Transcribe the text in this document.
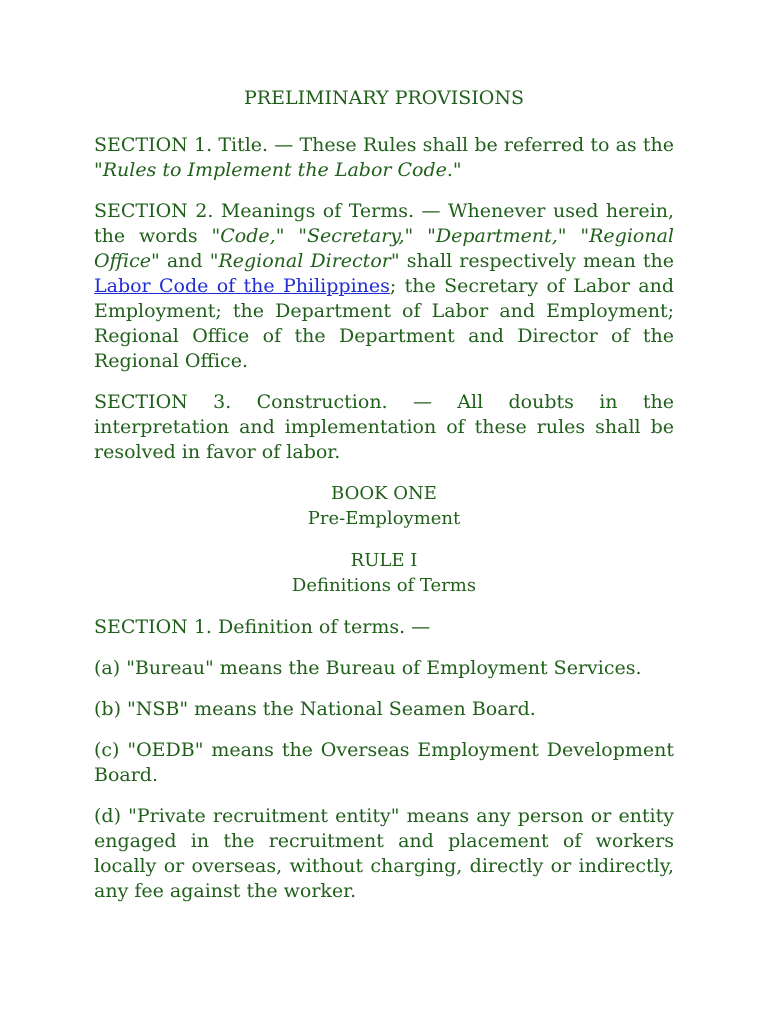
PRELIMINARY PROVISIONS

SECTION 1. Title. — These Rules shall be referred to as the "Rules to Implement the Labor Code."

SECTION 2. Meanings of Terms. — Whenever used herein, the words "Code," "Secretary," "Department," "Regional Office" and "Regional Director" shall respectively mean the Labor Code of the Philippines; the Secretary of Labor and Employment; the Department of Labor and Employment; Regional Office of the Department and Director of the Regional Office.

SECTION 3. Construction. — All doubts in the interpretation and implementation of these rules shall be resolved in favor of labor.

BOOK ONE
Pre-Employment
RULE I
Definitions of Terms

SECTION 1. Definition of terms. —

(a) "Bureau" means the Bureau of Employment Services.

(b) "NSB" means the National Seamen Board.

(c) "OEDB" means the Overseas Employment Development Board.

(d) "Private recruitment entity" means any person or entity engaged in the recruitment and placement of workers locally or overseas, without charging, directly or indirectly, any fee against the worker.
